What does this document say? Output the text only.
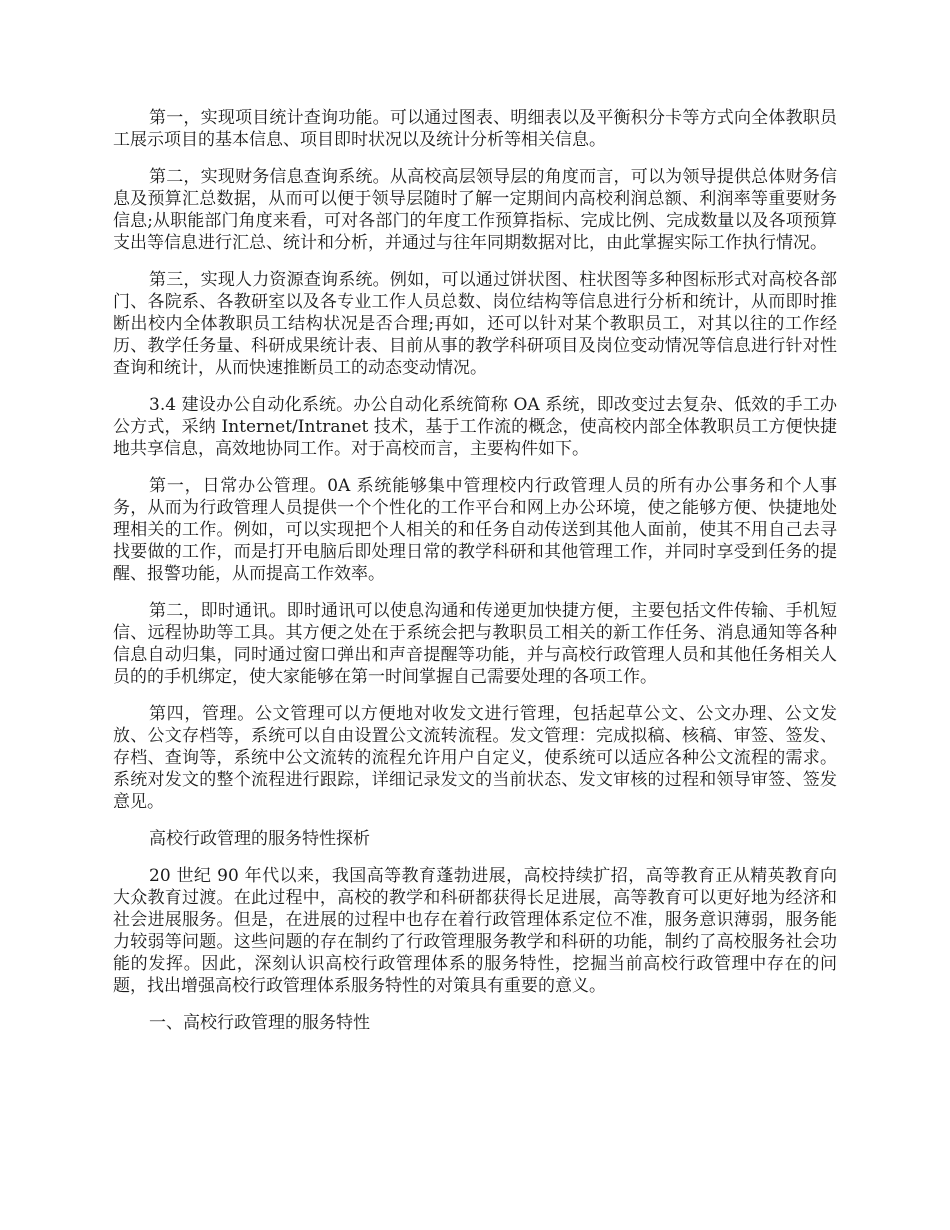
第一，实现项目统计查询功能。可以通过图表、明细表以及平衡积分卡等方式向全体教职员工展示项目的基本信息、项目即时状况以及统计分析等相关信息。

第二，实现财务信息查询系统。从高校高层领导层的角度而言，可以为领导提供总体财务信息及预算汇总数据，从而可以便于领导层随时了解一定期间内高校利润总额、利润率等重要财务信息;从职能部门角度来看，可对各部门的年度工作预算指标、完成比例、完成数量以及各项预算支出等信息进行汇总、统计和分析，并通过与往年同期数据对比，由此掌握实际工作执行情况。

第三，实现人力资源查询系统。例如，可以通过饼状图、柱状图等多种图标形式对高校各部门、各院系、各教研室以及各专业工作人员总数、岗位结构等信息进行分析和统计，从而即时推断出校内全体教职员工结构状况是否合理;再如，还可以针对某个教职员工，对其以往的工作经历、教学任务量、科研成果统计表、目前从事的教学科研项目及岗位变动情况等信息进行针对性查询和统计，从而快速推断员工的动态变动情况。

3.4 建设办公自动化系统。办公自动化系统简称 OA 系统，即改变过去复杂、低效的手工办公方式，采纳 Internet/Intranet 技术，基于工作流的概念，使高校内部全体教职员工方便快捷地共享信息，高效地协同工作。对于高校而言，主要构件如下。

第一，日常办公管理。0A 系统能够集中管理校内行政管理人员的所有办公事务和个人事务，从而为行政管理人员提供一个个性化的工作平台和网上办公环境，使之能够方便、快捷地处理相关的工作。例如，可以实现把个人相关的和任务自动传送到其他人面前，使其不用自己去寻找要做的工作，而是打开电脑后即处理日常的教学科研和其他管理工作，并同时享受到任务的提醒、报警功能，从而提高工作效率。

第二，即时通讯。即时通讯可以使息沟通和传递更加快捷方便，主要包括文件传输、手机短信、远程协助等工具。其方便之处在于系统会把与教职员工相关的新工作任务、消息通知等各种信息自动归集，同时通过窗口弹出和声音提醒等功能，并与高校行政管理人员和其他任务相关人员的的手机绑定，使大家能够在第一时间掌握自己需要处理的各项工作。

第四，管理。公文管理可以方便地对收发文进行管理，包括起草公文、公文办理、公文发放、公文存档等，系统可以自由设置公文流转流程。发文管理：完成拟稿、核稿、审签、签发、存档、查询等，系统中公文流转的流程允许用户自定义，使系统可以适应各种公文流程的需求。系统对发文的整个流程进行跟踪，详细记录发文的当前状态、发文审核的过程和领导审签、签发意见。

高校行政管理的服务特性探析

20 世纪 90 年代以来，我国高等教育蓬勃进展，高校持续扩招，高等教育正从精英教育向大众教育过渡。在此过程中，高校的教学和科研都获得长足进展，高等教育可以更好地为经济和社会进展服务。但是，在进展的过程中也存在着行政管理体系定位不准，服务意识薄弱，服务能力较弱等问题。这些问题的存在制约了行政管理服务教学和科研的功能，制约了高校服务社会功能的发挥。因此，深刻认识高校行政管理体系的服务特性，挖掘当前高校行政管理中存在的问题，找出增强高校行政管理体系服务特性的对策具有重要的意义。

一、高校行政管理的服务特性
